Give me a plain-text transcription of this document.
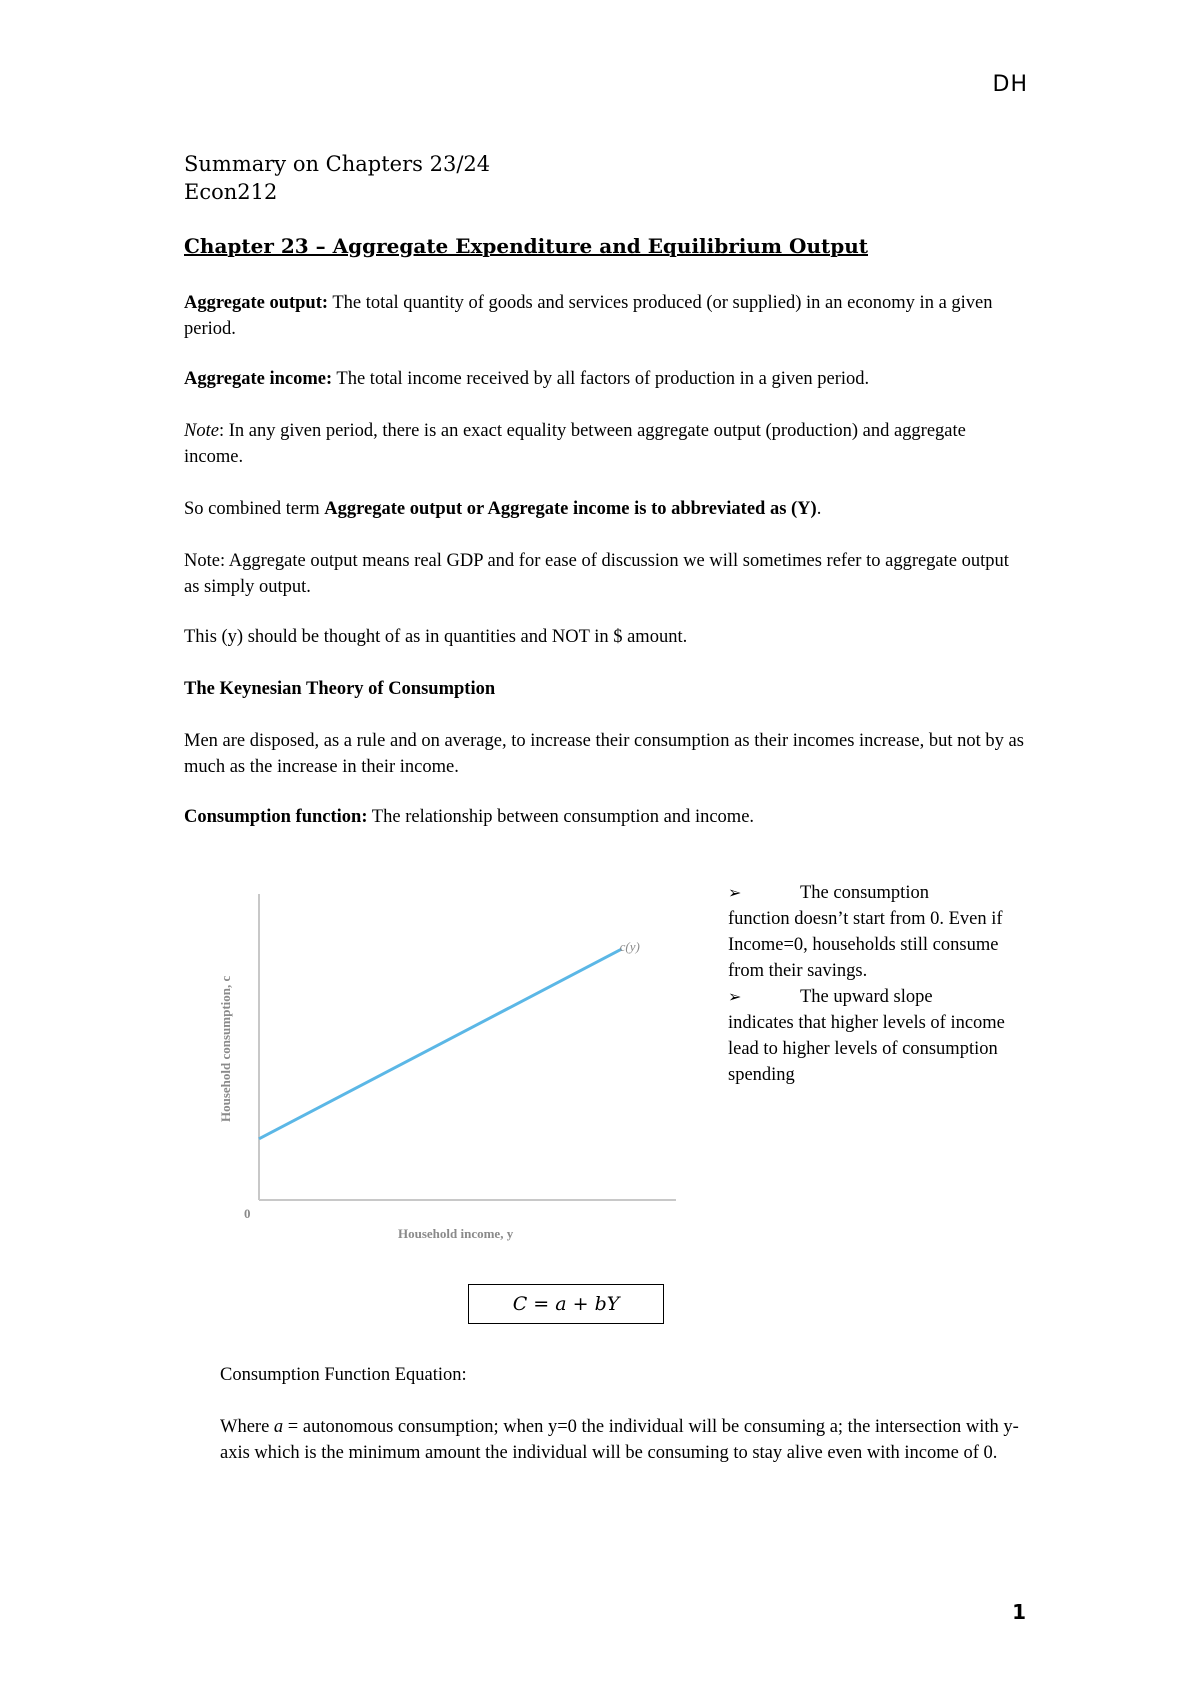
DH
Summary on Chapters 23/24
Econ212
Chapter 23 – Aggregate Expenditure and Equilibrium Output
Aggregate output: The total quantity of goods and services produced (or supplied) in an economy in a given period.
Aggregate income: The total income received by all factors of production in a given period.
Note: In any given period, there is an exact equality between aggregate output (production) and aggregate income.
So combined term Aggregate output or Aggregate income is to abbreviated as (Y).
Note: Aggregate output means real GDP and for ease of discussion we will sometimes refer to aggregate output as simply output.
This (y) should be thought of as in quantities and NOT in $ amount.
The Keynesian Theory of Consumption
Men are disposed, as a rule and on average, to increase their consumption as their incomes increase, but not by as much as the increase in their income.
Consumption function: The relationship between consumption and income.
0
Household income, y
Household consumption, c
c(y)
➢	The consumption
function doesn’t start from 0. Even if Income=0, households still consume from their savings.
➢	The upward slope
indicates that higher levels of income lead to higher levels of consumption spending
C = a + bY
Consumption Function Equation:
Where a = autonomous consumption; when y=0 the individual will be consuming a; the intersection with y-axis which is the minimum amount the individual will be consuming to stay alive even with income of 0.
1
